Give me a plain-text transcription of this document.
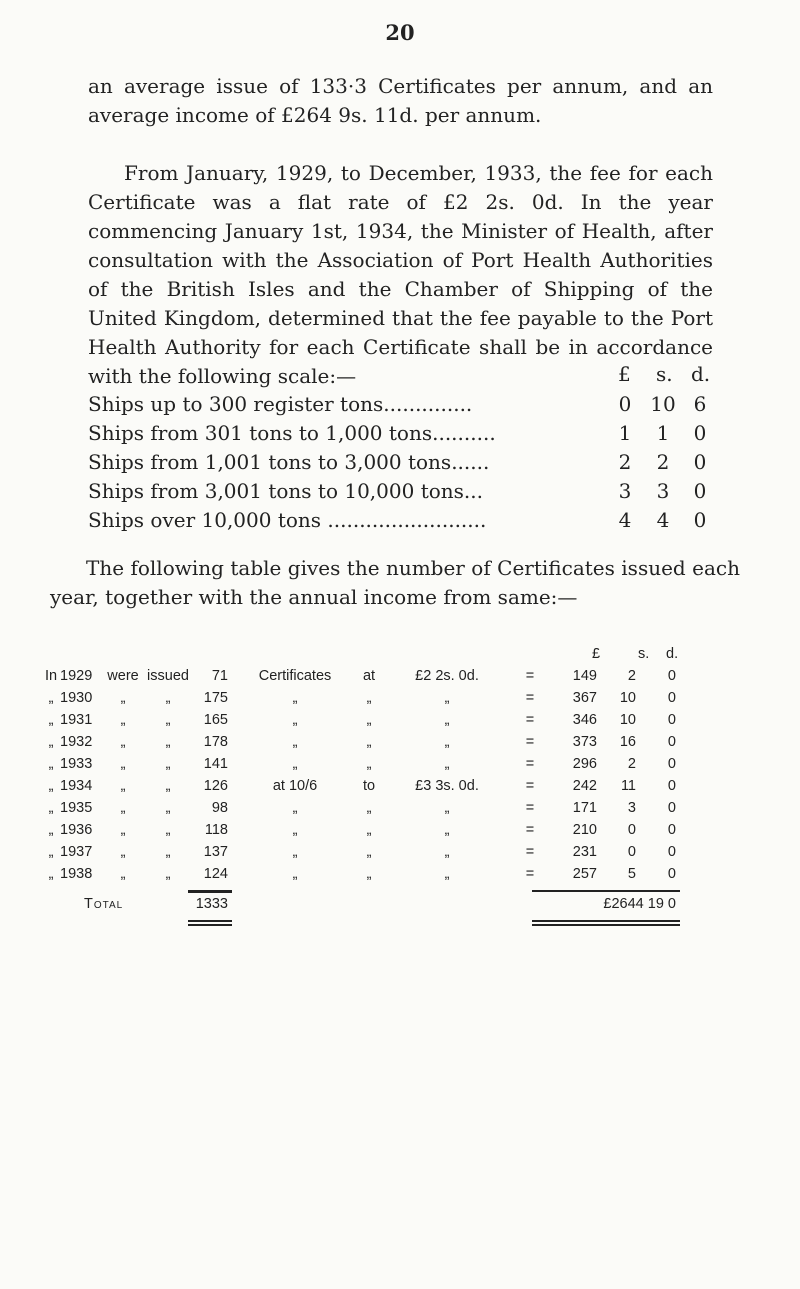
20

an average issue of 133·3 Certificates per annum, and an average income of £264 9s. 11d. per annum.

From January, 1929, to December, 1933, the fee for each Certificate was a flat rate of £2 2s. 0d. In the year commencing January 1st, 1934, the Minister of Health, after consultation with the Association of Port Health Authorities of the British Isles and the Chamber of Shipping of the United Kingdom, determined that the fee payable to the Port Health Authority for each Certificate shall be in accordance with the following scale:—	£ s. d.
Ships up to 300 register tons..............	0 10 6
Ships from 301 tons to 1,000 tons..........	1	1	0
Ships from 1,001 tons to 3,000 tons......	2	2	0
Ships from 3,001 tons to 10,000 tons...	3	3	0
Ships over 10,000 tons .........................	4	4	0

The following table gives the number of Certificates issued each year, together with the annual income from same:—

£	s. d.
In 1929	were issued	71	Certificates	at	£2 2s. 0d.	=	149	2	0
„ 1930	„	„	175	„	„	„	=	367	10	0
„ 1931	„	„	165	„	„	„	=	346	10	0
„ 1932	„	„	178	„	„	„	=	373	16	0
„ 1933	„	„	141	„	„	„	=	296	2	0
„ 1934	„	„	126	at 10/6	to	£3 3s. 0d.	=	242	11	0
„ 1935	„	„	98	„	„	„	=	171	3	0
„ 1936	„	„	118	„	„	„	=	210	0	0
„ 1937	„	„	137	„	„	„	=	231	0	0
„ 1938	„	„	124	„	„	„	=	257	5	0
Total	1333	£2644 19 0
